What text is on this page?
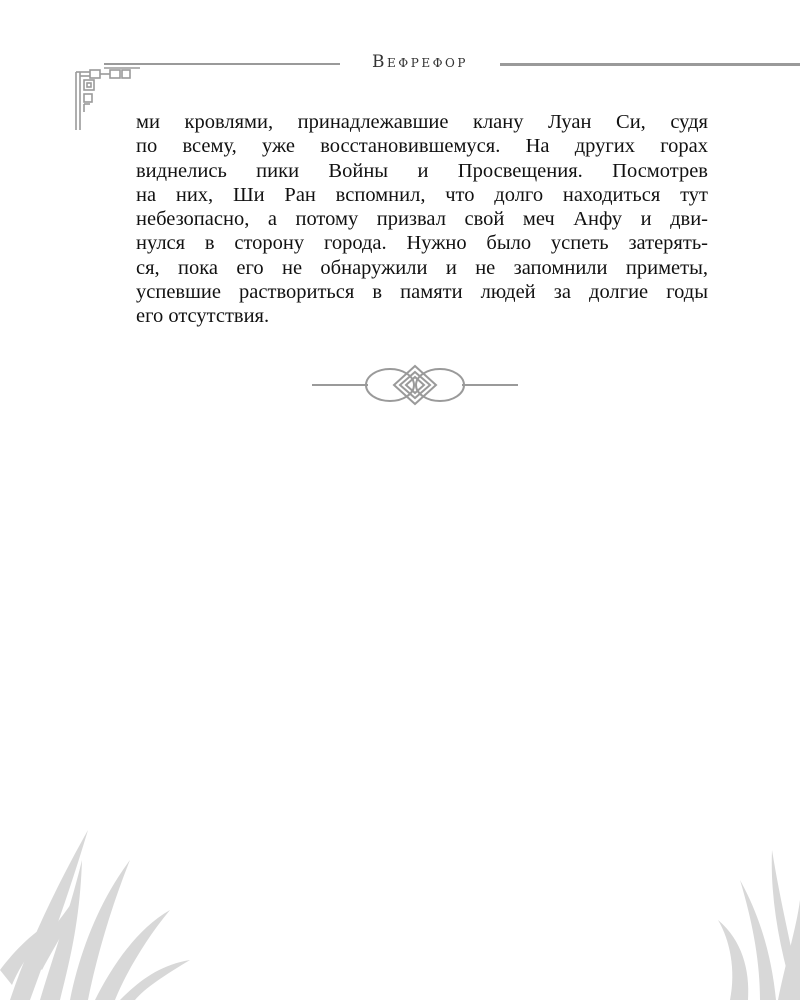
Вефрефор
ми кровлями, принадлежавшие клану Луан Си, судя
по всему, уже восстановившемуся. На других горах
виднелись пики Войны и Просвещения. Посмотрев
на них, Ши Ран вспомнил, что долго находиться тут
небезопасно, а потому призвал свой меч Анфу и дви-
нулся в сторону города. Нужно было успеть затерять-
ся, пока его не обнаружили и не запомнили приметы,
успевшие раствориться в памяти людей за долгие годы
его отсутствия.
